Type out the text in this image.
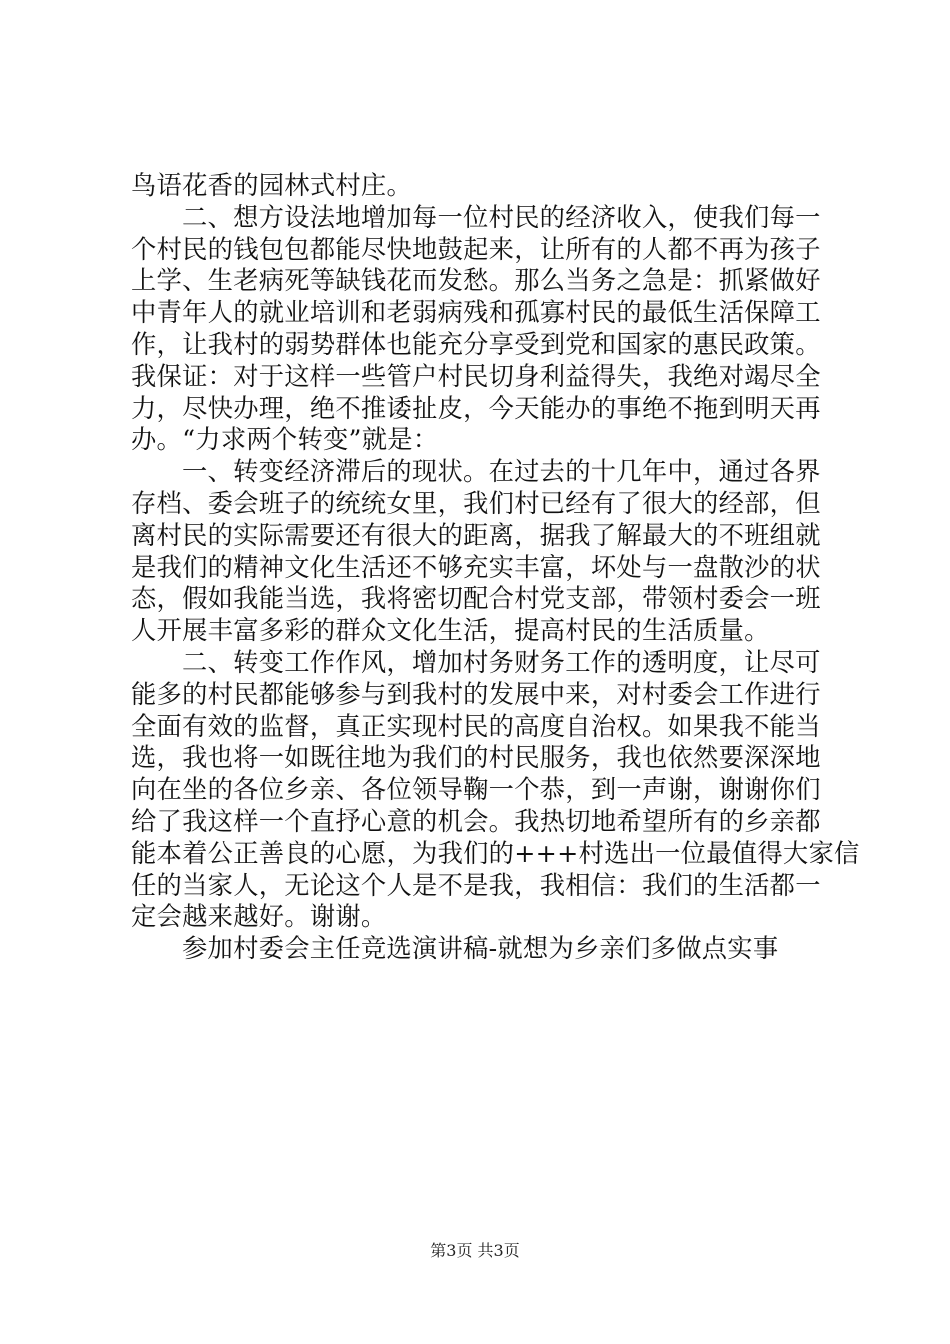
鸟语花香的园林式村庄。
二、想方设法地增加每一位村民的经济收入，使我们每一
个村民的钱包包都能尽快地鼓起来，让所有的人都不再为孩子
上学、生老病死等缺钱花而发愁。那么当务之急是：抓紧做好
中青年人的就业培训和老弱病残和孤寡村民的最低生活保障工
作，让我村的弱势群体也能充分享受到党和国家的惠民政策。
我保证：对于这样一些管户村民切身利益得失，我绝对竭尽全
力，尽快办理，绝不推诿扯皮，今天能办的事绝不拖到明天再
办。“力求两个转变”就是：
一、转变经济滞后的现状。在过去的十几年中，通过各界
存档、委会班子的统统女里，我们村已经有了很大的经部，但
离村民的实际需要还有很大的距离，据我了解最大的不班组就
是我们的精神文化生活还不够充实丰富，坏处与一盘散沙的状
态，假如我能当选，我将密切配合村党支部，带领村委会一班
人开展丰富多彩的群众文化生活，提高村民的生活质量。
二、转变工作作风，增加村务财务工作的透明度，让尽可
能多的村民都能够参与到我村的发展中来，对村委会工作进行
全面有效的监督，真正实现村民的高度自治权。如果我不能当
选，我也将一如既往地为我们的村民服务，我也依然要深深地
向在坐的各位乡亲、各位领导鞠一个恭，到一声谢，谢谢你们
给了我这样一个直抒心意的机会。我热切地希望所有的乡亲都
能本着公正善良的心愿，为我们的+++村选出一位最值得大家信
任的当家人，无论这个人是不是我，我相信：我们的生活都一
定会越来越好。谢谢。
参加村委会主任竞选演讲稿-就想为乡亲们多做点实事
第3页 共3页
